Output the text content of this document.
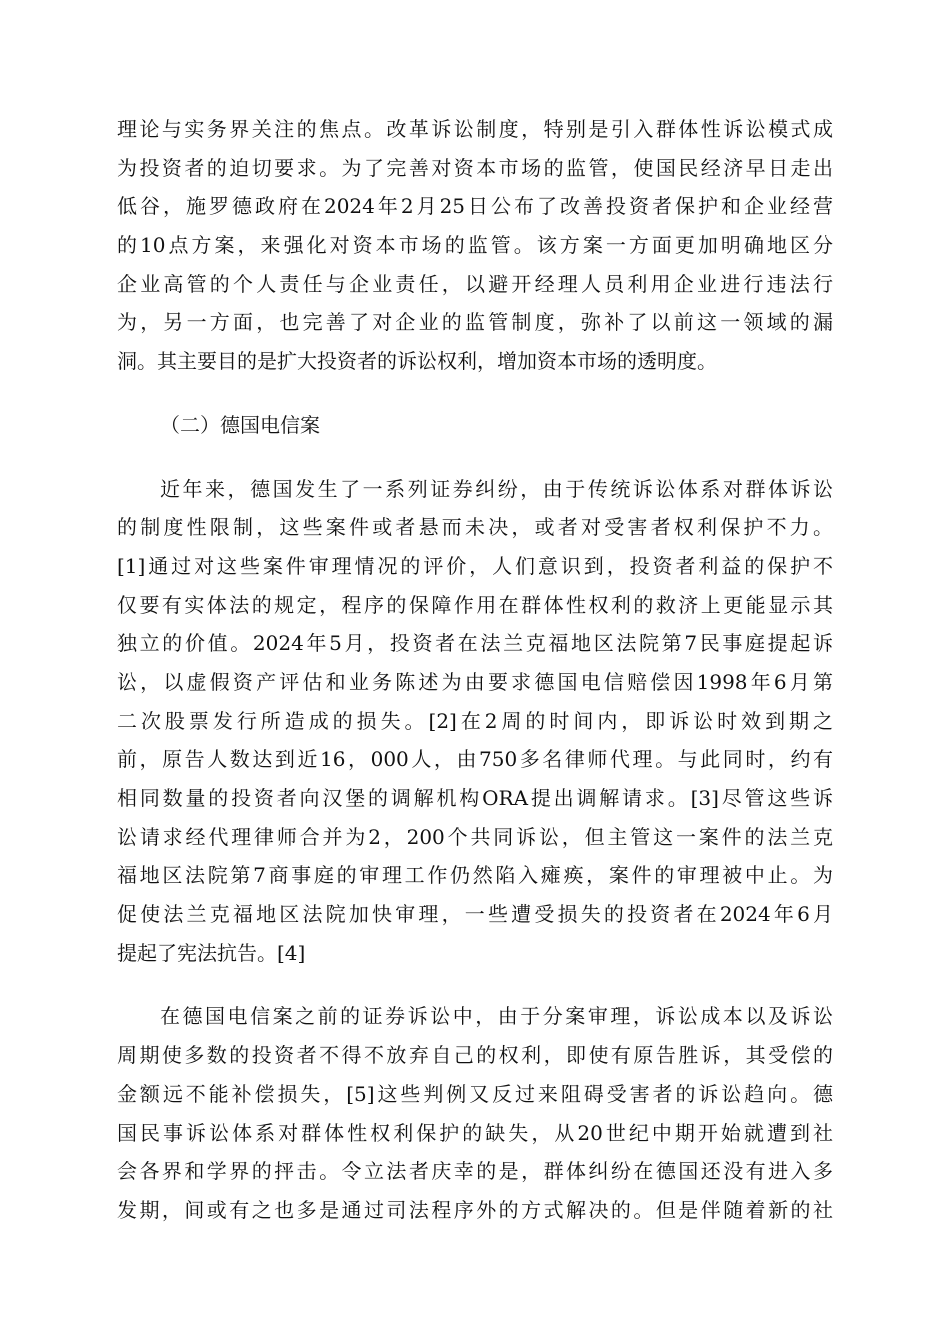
理论与实务界关注的焦点。改革诉讼制度，特别是引入群体性诉讼模式成
为投资者的迫切要求。为了完善对资本市场的监管，使国民经济早日走出
低谷，施罗德政府在2024年2月25日公布了改善投资者保护和企业经营
的10点方案，来强化对资本市场的监管。该方案一方面更加明确地区分
企业高管的个人责任与企业责任，以避开经理人员利用企业进行违法行
为，另一方面，也完善了对企业的监管制度，弥补了以前这一领域的漏
洞。其主要目的是扩大投资者的诉讼权利，增加资本市场的透明度。
（二）德国电信案
近年来，德国发生了一系列证券纠纷，由于传统诉讼体系对群体诉讼
的制度性限制，这些案件或者悬而未决，或者对受害者权利保护不力。
[1]通过对这些案件审理情况的评价，人们意识到，投资者利益的保护不
仅要有实体法的规定，程序的保障作用在群体性权利的救济上更能显示其
独立的价值。2024年5月，投资者在法兰克福地区法院第7民事庭提起诉
讼，以虚假资产评估和业务陈述为由要求德国电信赔偿因1998年6月第
二次股票发行所造成的损失。[2]在2周的时间内，即诉讼时效到期之
前，原告人数达到近16，000人，由750多名律师代理。与此同时，约有
相同数量的投资者向汉堡的调解机构ORA提出调解请求。[3]尽管这些诉
讼请求经代理律师合并为2，200个共同诉讼，但主管这一案件的法兰克
福地区法院第7商事庭的审理工作仍然陷入瘫痪，案件的审理被中止。为
促使法兰克福地区法院加快审理，一些遭受损失的投资者在2024年6月
提起了宪法抗告。[4]
在德国电信案之前的证券诉讼中，由于分案审理，诉讼成本以及诉讼
周期使多数的投资者不得不放弃自己的权利，即使有原告胜诉，其受偿的
金额远不能补偿损失，[5]这些判例又反过来阻碍受害者的诉讼趋向。德
国民事诉讼体系对群体性权利保护的缺失，从20世纪中期开始就遭到社
会各界和学界的抨击。令立法者庆幸的是，群体纠纷在德国还没有进入多
发期，间或有之也多是通过司法程序外的方式解决的。但是伴随着新的社
